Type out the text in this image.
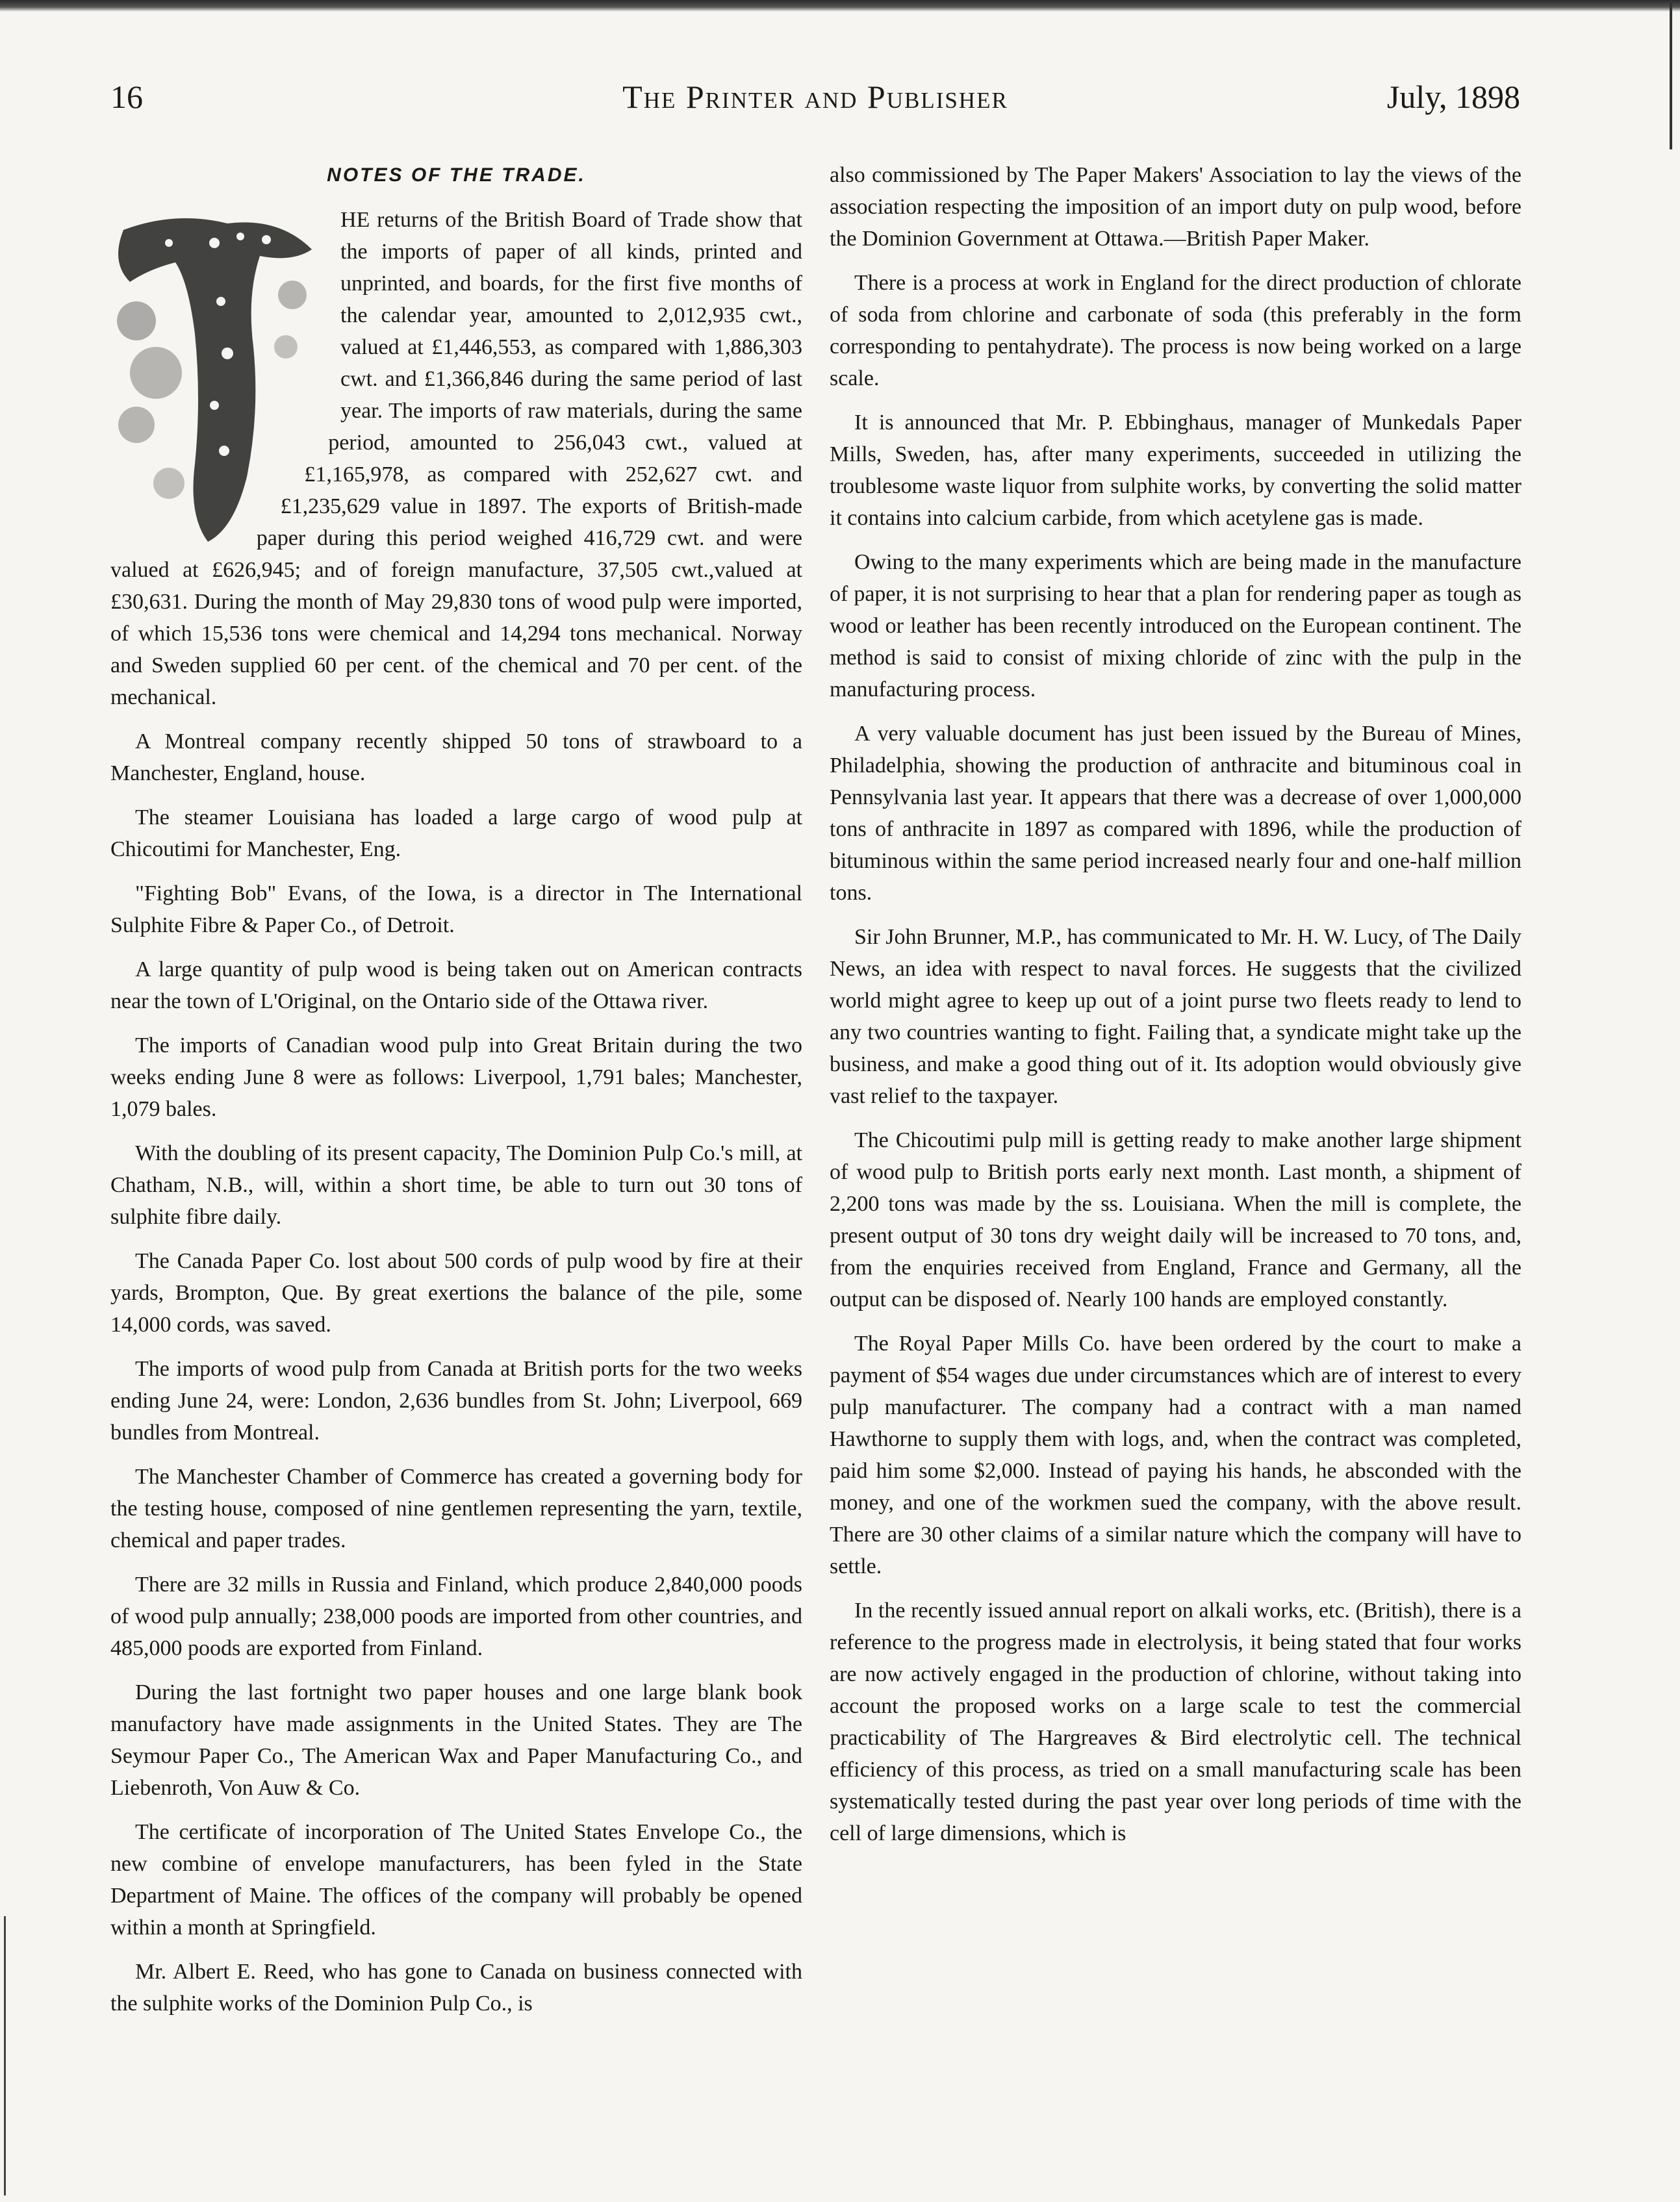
16	The Printer and Publisher	July, 1898
NOTES OF THE TRADE.

HE returns of the British Board of Trade show that the imports of paper of all kinds, printed and unprinted, and boards, for the first five months of the calendar year, amounted to 2,012,935 cwt., valued at £1,446,553, as compared with 1,886,303 cwt. and £1,366,846 during the same period of last year. The imports of raw materials, during the same period, amounted to 256,043 cwt., valued at £1,165,978, as compared with 252,627 cwt. and £1,235,629 value in 1897. The exports of British-made paper during this period weighed 416,729 cwt. and were valued at £626,945; and of foreign manufacture, 37,505 cwt.,valued at £30,631. During the month of May 29,830 tons of wood pulp were imported, of which 15,536 tons were chemical and 14,294 tons mechanical. Norway and Sweden supplied 60 per cent. of the chemical and 70 per cent. of the mechanical.

A Montreal company recently shipped 50 tons of strawboard to a Manchester, England, house.

The steamer Louisiana has loaded a large cargo of wood pulp at Chicoutimi for Manchester, Eng.

"Fighting Bob" Evans, of the Iowa, is a director in The International Sulphite Fibre & Paper Co., of Detroit.

A large quantity of pulp wood is being taken out on American contracts near the town of L'Original, on the Ontario side of the Ottawa river.

The imports of Canadian wood pulp into Great Britain during the two weeks ending June 8 were as follows: Liverpool, 1,791 bales; Manchester, 1,079 bales.

With the doubling of its present capacity, The Dominion Pulp Co.'s mill, at Chatham, N.B., will, within a short time, be able to turn out 30 tons of sulphite fibre daily.

The Canada Paper Co. lost about 500 cords of pulp wood by fire at their yards, Brompton, Que. By great exertions the balance of the pile, some 14,000 cords, was saved.

The imports of wood pulp from Canada at British ports for the two weeks ending June 24, were: London, 2,636 bundles from St. John; Liverpool, 669 bundles from Montreal.

The Manchester Chamber of Commerce has created a governing body for the testing house, composed of nine gentlemen representing the yarn, textile, chemical and paper trades.

There are 32 mills in Russia and Finland, which produce 2,840,000 poods of wood pulp annually; 238,000 poods are imported from other countries, and 485,000 poods are exported from Finland.

During the last fortnight two paper houses and one large blank book manufactory have made assignments in the United States. They are The Seymour Paper Co., The American Wax and Paper Manufacturing Co., and Liebenroth, Von Auw & Co.

The certificate of incorporation of The United States Envelope Co., the new combine of envelope manufacturers, has been fyled in the State Department of Maine. The offices of the company will probably be opened within a month at Springfield.

Mr. Albert E. Reed, who has gone to Canada on business connected with the sulphite works of the Dominion Pulp Co., is

also commissioned by The Paper Makers' Association to lay the views of the association respecting the imposition of an import duty on pulp wood, before the Dominion Government at Ottawa.—British Paper Maker.

There is a process at work in England for the direct production of chlorate of soda from chlorine and carbonate of soda (this preferably in the form corresponding to pentahydrate). The process is now being worked on a large scale.

It is announced that Mr. P. Ebbinghaus, manager of Munkedals Paper Mills, Sweden, has, after many experiments, succeeded in utilizing the troublesome waste liquor from sulphite works, by converting the solid matter it contains into calcium carbide, from which acetylene gas is made.

Owing to the many experiments which are being made in the manufacture of paper, it is not surprising to hear that a plan for rendering paper as tough as wood or leather has been recently introduced on the European continent. The method is said to consist of mixing chloride of zinc with the pulp in the manufacturing process.

A very valuable document has just been issued by the Bureau of Mines, Philadelphia, showing the production of anthracite and bituminous coal in Pennsylvania last year. It appears that there was a decrease of over 1,000,000 tons of anthracite in 1897 as compared with 1896, while the production of bituminous within the same period increased nearly four and one-half million tons.

Sir John Brunner, M.P., has communicated to Mr. H. W. Lucy, of The Daily News, an idea with respect to naval forces. He suggests that the civilized world might agree to keep up out of a joint purse two fleets ready to lend to any two countries wanting to fight. Failing that, a syndicate might take up the business, and make a good thing out of it. Its adoption would obviously give vast relief to the taxpayer.

The Chicoutimi pulp mill is getting ready to make another large shipment of wood pulp to British ports early next month. Last month, a shipment of 2,200 tons was made by the ss. Louisiana. When the mill is complete, the present output of 30 tons dry weight daily will be increased to 70 tons, and, from the enquiries received from England, France and Germany, all the output can be disposed of. Nearly 100 hands are employed constantly.

The Royal Paper Mills Co. have been ordered by the court to make a payment of $54 wages due under circumstances which are of interest to every pulp manufacturer. The company had a contract with a man named Hawthorne to supply them with logs, and, when the contract was completed, paid him some $2,000. Instead of paying his hands, he absconded with the money, and one of the workmen sued the company, with the above result. There are 30 other claims of a similar nature which the company will have to settle.

In the recently issued annual report on alkali works, etc. (British), there is a reference to the progress made in electrolysis, it being stated that four works are now actively engaged in the production of chlorine, without taking into account the proposed works on a large scale to test the commercial practicability of The Hargreaves & Bird electrolytic cell. The technical efficiency of this process, as tried on a small manufacturing scale has been systematically tested during the past year over long periods of time with the cell of large dimensions, which is
